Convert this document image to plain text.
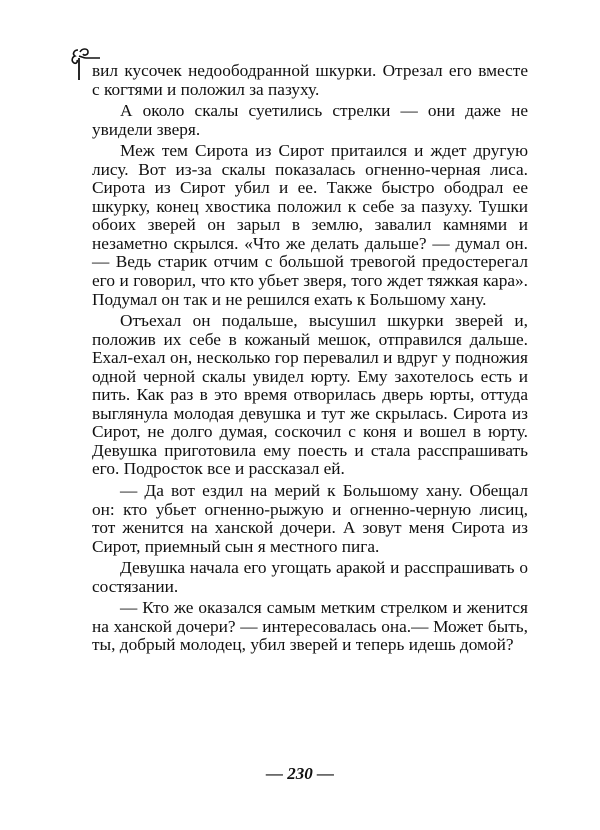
вил кусочек недоободранной шкурки. Отрезал его вместе с когтями и положил за пазуху.

А около скалы суетились стрелки — они даже не увидели зверя.

Меж тем Сирота из Сирот притаился и ждет другую лису. Вот из-за скалы показалась огненно-черная лиса. Сирота из Сирот убил и ее. Также быстро ободрал ее шкурку, конец хвостика положил к себе за пазуху. Тушки обоих зверей он зарыл в землю, завалил камнями и незаметно скрылся. «Что же делать дальше? — думал он.— Ведь старик отчим с большой тревогой предостерегал его и говорил, что кто убьет зверя, того ждет тяжкая кара». Подумал он так и не решился ехать к Большому хану.

Отъехал он подальше, высушил шкурки зверей и, положив их себе в кожаный мешок, отправился дальше. Ехал-ехал он, несколько гор перевалил и вдруг у подножия одной черной скалы увидел юрту. Ему захотелось есть и пить. Как раз в это время отворилась дверь юрты, оттуда выглянула молодая девушка и тут же скрылась. Сирота из Сирот, не долго думая, соскочил с коня и вошел в юрту. Девушка приготовила ему поесть и стала расспрашивать его. Подросток все и рассказал ей.

— Да вот ездил на мерий к Большому хану. Обещал он: кто убьет огненно-рыжую и огненно-черную лисиц, тот женится на ханской дочери. А зовут меня Сирота из Сирот, приемный сын я местного пига.

Девушка начала его угощать аракой и расспрашивать о состязании.

— Кто же оказался самым метким стрелком и женится на ханской дочери? — интересовалась она.— Может быть, ты, добрый молодец, убил зверей и теперь идешь домой?

— 230 —
